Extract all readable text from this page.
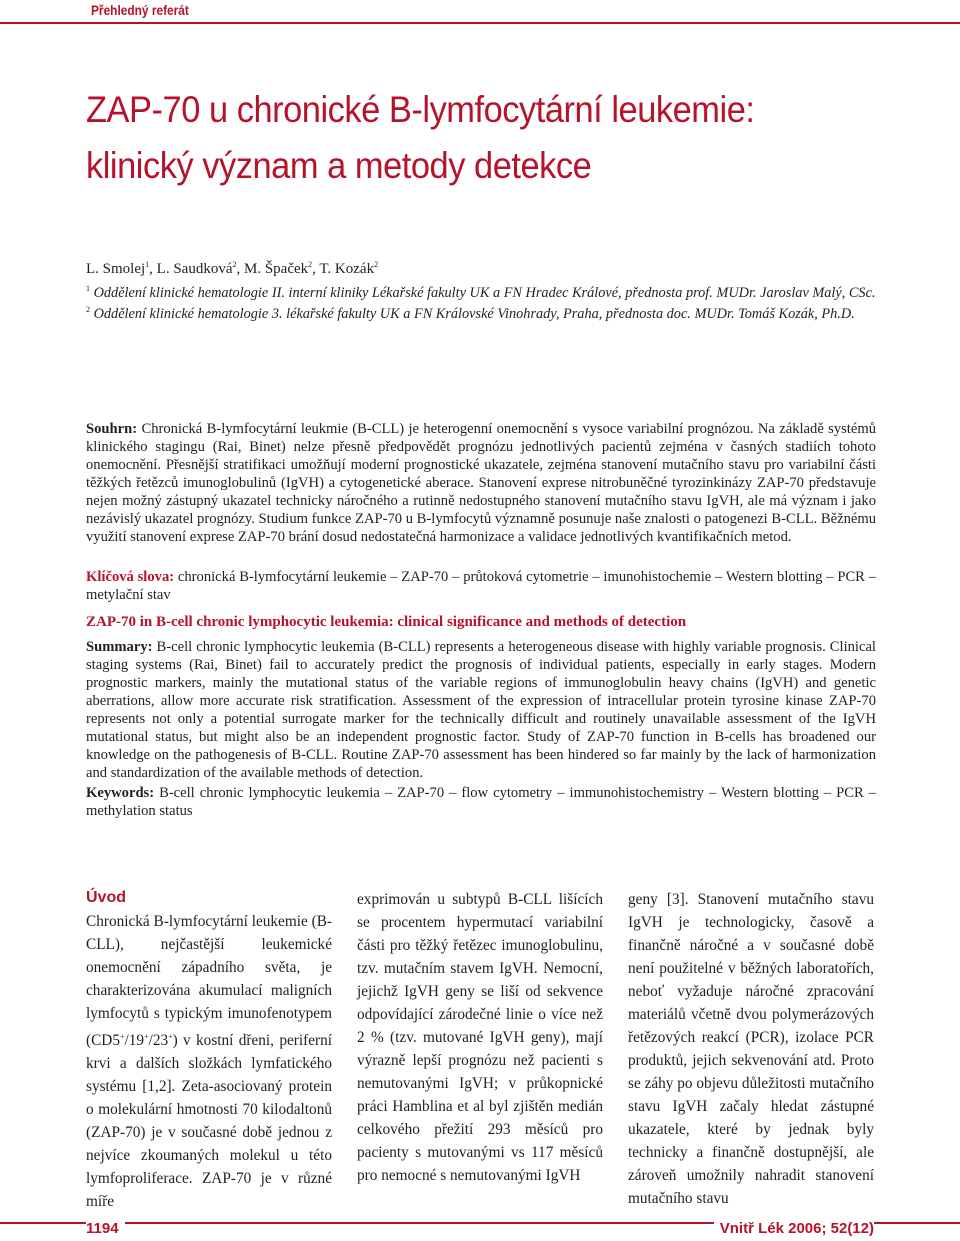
Přehledný referát
ZAP-70 u chronické B-lymfocytární leukemie:
klinický význam a metody detekce
L. Smolej$^1$, L. Saudková$^2$, M. Špaček$^2$, T. Kozák$^2$
$^1$ Oddělení klinické hematologie II. interní kliniky Lékařské fakulty UK a FN Hradec Králové, přednosta prof. MUDr. Jaroslav Malý, CSc.
$^2$ Oddělení klinické hematologie 3. lékařské fakulty UK a FN Královské Vinohrady, Praha, přednosta doc. MUDr. Tomáš Kozák, Ph.D.
Souhrn: Chronická B-lymfocytární leukmie (B-CLL) je heterogenní onemocnění s vysoce variabilní prognózou. Na základě systémů klinického stagingu (Rai, Binet) nelze přesně předpovědět prognózu jednotlivých pacientů zejména v časných stadiích tohoto onemocnění. Přesnější stratifikaci umožňují moderní prognostické ukazatele, zejména stanovení mutačního stavu pro variabilní části těžkých řetězců imunoglobulinů (IgVH) a cytogenetické aberace. Stanovení exprese nitrobuněčné tyrozinkinázy ZAP-70 představuje nejen možný zástupný ukazatel technicky náročného a rutinně nedostupného stanovení mutačního stavu IgVH, ale má význam i jako nezávislý ukazatel prognózy. Studium funkce ZAP-70 u B-lymfocytů významně posunuje naše znalosti o patogenezi B-CLL. Běžnému využití stanovení exprese ZAP-70 brání dosud nedostatečná harmonizace a validace jednotlivých kvantifikačních metod.
Klíčová slova: chronická B-lymfocytární leukemie – ZAP-70 – průtoková cytometrie – imunohistochemie – Western blotting – PCR – metylační stav
ZAP-70 in B-cell chronic lymphocytic leukemia: clinical significance and methods of detection
Summary: B-cell chronic lymphocytic leukemia (B-CLL) represents a heterogeneous disease with highly variable prognosis. Clinical staging systems (Rai, Binet) fail to accurately predict the prognosis of individual patients, especially in early stages. Modern prognostic markers, mainly the mutational status of the variable regions of immunoglobulin heavy chains (IgVH) and genetic aberrations, allow more accurate risk stratification. Assessment of the expression of intracellular protein tyrosine kinase ZAP-70 represents not only a potential surrogate marker for the technically difficult and routinely unavailable assessment of the IgVH mutational status, but might also be an independent prognostic factor. Study of ZAP-70 function in B-cells has broadened our knowledge on the pathogenesis of B-CLL. Routine ZAP-70 assessment has been hindered so far mainly by the lack of harmonization and standardization of the available methods of detection.
Keywords: B-cell chronic lymphocytic leukemia – ZAP-70 – flow cytometry – immunohistochemistry – Western blotting – PCR – methylation status
Úvod

Chronická B-lymfocytární leukemie (B-CLL), nejčastější leukemické onemocnění západního světa, je charakterizována akumulací maligních lymfocytů s typickým imunofenotypem (CD5+/19+/23+) v kostní dřeni, periferní krvi a dalších složkách lymfatického systému [1,2]. Zeta-asociovaný protein o molekulární hmotnosti 70 kilodaltonů (ZAP-70) je v současné době jednou z nejvíce zkoumaných molekul u této lymfoproliferace. ZAP-70 je v různé míře

exprimován u subtypů B-CLL lišících se procentem hypermutací variabilní části pro těžký řetězec imunoglobulinu, tzv. mutačním stavem IgVH. Nemocní, jejichž IgVH geny se liší od sekvence odpovídající zárodečné linie o více než 2 % (tzv. mutované IgVH geny), mají výrazně lepší prognózu než pacienti s nemutovanými IgVH; v průkopnické práci Hamblina et al byl zjištěn medián celkového přežití 293 měsíců pro pacienty s mutovanými vs 117 měsíců pro nemocné s nemutovanými IgVH

geny [3]. Stanovení mutačního stavu IgVH je technologicky, časově a finančně náročné a v současné době není použitelné v běžných laboratořích, neboť vyžaduje náročné zpracování materiálů včetně dvou polymerázových řetězových reakcí (PCR), izolace PCR produktů, jejich sekvenování atd. Proto se záhy po objevu důležitosti mutačního stavu IgVH začaly hledat zástupné ukazatele, které by jednak byly technicky a finančně dostupnější, ale zároveň umožnily nahradit stanovení mutačního stavu

1194	Vnitř Lék 2006; 52(12)
